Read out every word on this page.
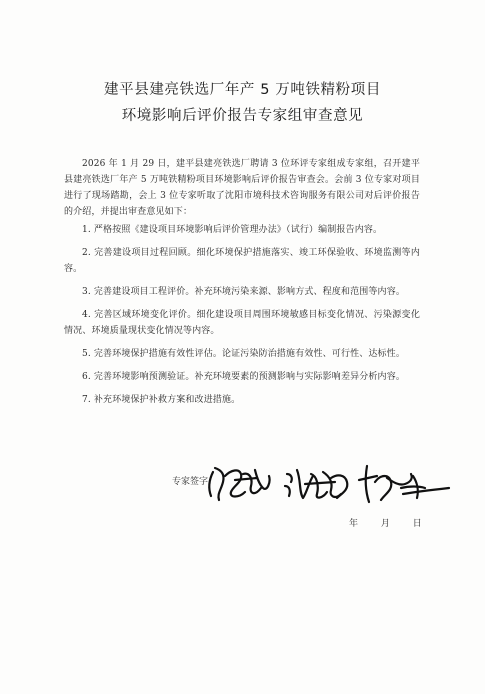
建平县建亮铁选厂年产 5 万吨铁精粉项目
环境影响后评价报告专家组审查意见
2026 年 1 月 29 日，建平县建亮铁选厂聘请 3 位环评专家组成专家组，召开建平县建亮铁选厂年产 5 万吨铁精粉项目环境影响后评价报告审查会。会前 3 位专家对项目进行了现场踏勘，会上 3 位专家听取了沈阳市境科技术咨询服务有限公司对后评价报告的介绍，并提出审查意见如下：

1. 严格按照《建设项目环境影响后评价管理办法》（试行）编制报告内容。

2. 完善建设项目过程回顾。细化环境保护措施落实、竣工环保验收、环境监测等内容。

3. 完善建设项目工程评价。补充环境污染来源、影响方式、程度和范围等内容。

4. 完善区域环境变化评价。细化建设项目周围环境敏感目标变化情况、污染源变化情况、环境质量现状变化情况等内容。

5. 完善环境保护措施有效性评估。论证污染防治措施有效性、可行性、达标性。

6. 完善环境影响预测验证。补充环境要素的预测影响与实际影响差异分析内容。

7. 补充环境保护补救方案和改进措施。

专家签字：
年	月	日
